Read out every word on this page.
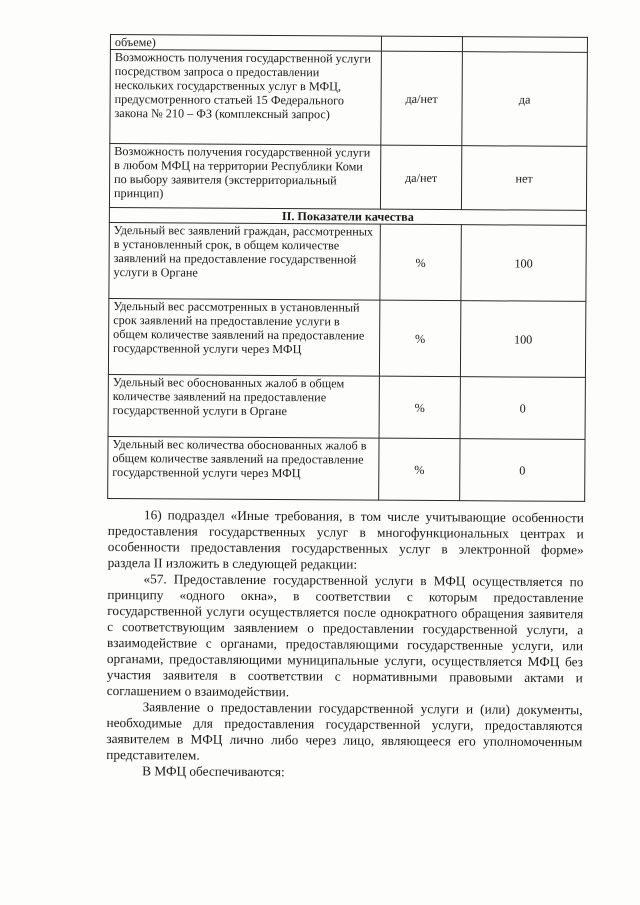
объеме)		
Возможность получения государственной услуги посредством запроса о предоставлении нескольких государственных услуг в МФЦ, предусмотренного статьей 15 Федерального закона № 210 – ФЗ (комплексный запрос)	да/нет	да
Возможность получения государственной услуги в любом МФЦ на территории Республики Коми по выбору заявителя (экстерриториальный принцип)	да/нет	нет
II. Показатели качества		
Удельный вес заявлений граждан, рассмотренных в установленный срок, в общем количестве заявлений на предоставление государственной услуги в Органе	%	100
Удельный вес рассмотренных в установленный срок заявлений на предоставление услуги в общем количестве заявлений на предоставление государственной услуги через МФЦ	%	100
Удельный вес обоснованных жалоб в общем количестве заявлений на предоставление государственной услуги в Органе	%	0
Удельный вес количества обоснованных жалоб в общем количестве заявлений на предоставление государственной услуги через МФЦ	%	0

16) подраздел «Иные требования, в том числе учитывающие особенности предоставления государственных услуг в многофункциональных центрах и особенности предоставления государственных услуг в электронной форме» раздела II изложить в следующей редакции:

«57. Предоставление государственной услуги в МФЦ осуществляется по принципу «одного окна», в соответствии с которым предоставление государственной услуги осуществляется после однократного обращения заявителя с соответствующим заявлением о предоставлении государственной услуги, а взаимодействие с органами, предоставляющими государственные услуги, или органами, предоставляющими муниципальные услуги, осуществляется МФЦ без участия заявителя в соответствии с нормативными правовыми актами и соглашением о взаимодействии.

Заявление о предоставлении государственной услуги и (или) документы, необходимые для предоставления государственной услуги, предоставляются заявителем в МФЦ лично либо через лицо, являющееся его уполномоченным представителем.

В МФЦ обеспечиваются:
